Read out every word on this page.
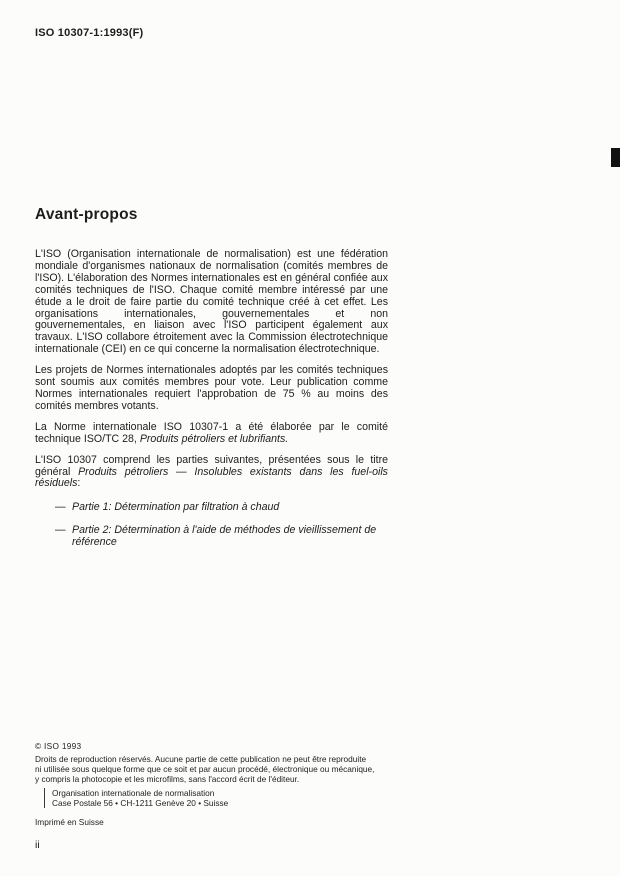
ISO 10307-1:1993(F)
Avant-propos

L'ISO (Organisation internationale de normalisation) est une fédération mondiale d'organismes nationaux de normalisation (comités membres de l'ISO). L'élaboration des Normes internationales est en général confiée aux comités techniques de l'ISO. Chaque comité membre intéressé par une étude a le droit de faire partie du comité technique créé à cet effet. Les organisations internationales, gouvernementales et non gouvernementales, en liaison avec l'ISO participent également aux travaux. L'ISO collabore étroitement avec la Commission électrotechnique internationale (CEI) en ce qui concerne la normalisation électrotechnique.

Les projets de Normes internationales adoptés par les comités techniques sont soumis aux comités membres pour vote. Leur publication comme Normes internationales requiert l'approbation de 75 % au moins des comités membres votants.

La Norme internationale ISO 10307-1 a été élaborée par le comité technique ISO/TC 28, Produits pétroliers et lubrifiants.

L'ISO 10307 comprend les parties suivantes, présentées sous le titre général Produits pétroliers — Insolubles existants dans les fuel-oils résiduels:

— Partie 1: Détermination par filtration à chaud
— Partie 2: Détermination à l'aide de méthodes de vieillissement de référence
© ISO 1993
Droits de reproduction réservés. Aucune partie de cette publication ne peut être reproduite
ni utilisée sous quelque forme que ce soit et par aucun procédé, électronique ou mécanique,
y compris la photocopie et les microfilms, sans l'accord écrit de l'éditeur.
Organisation internationale de normalisation
Case Postale 56 • CH-1211 Genève 20 • Suisse
Imprimé en Suisse
ii
